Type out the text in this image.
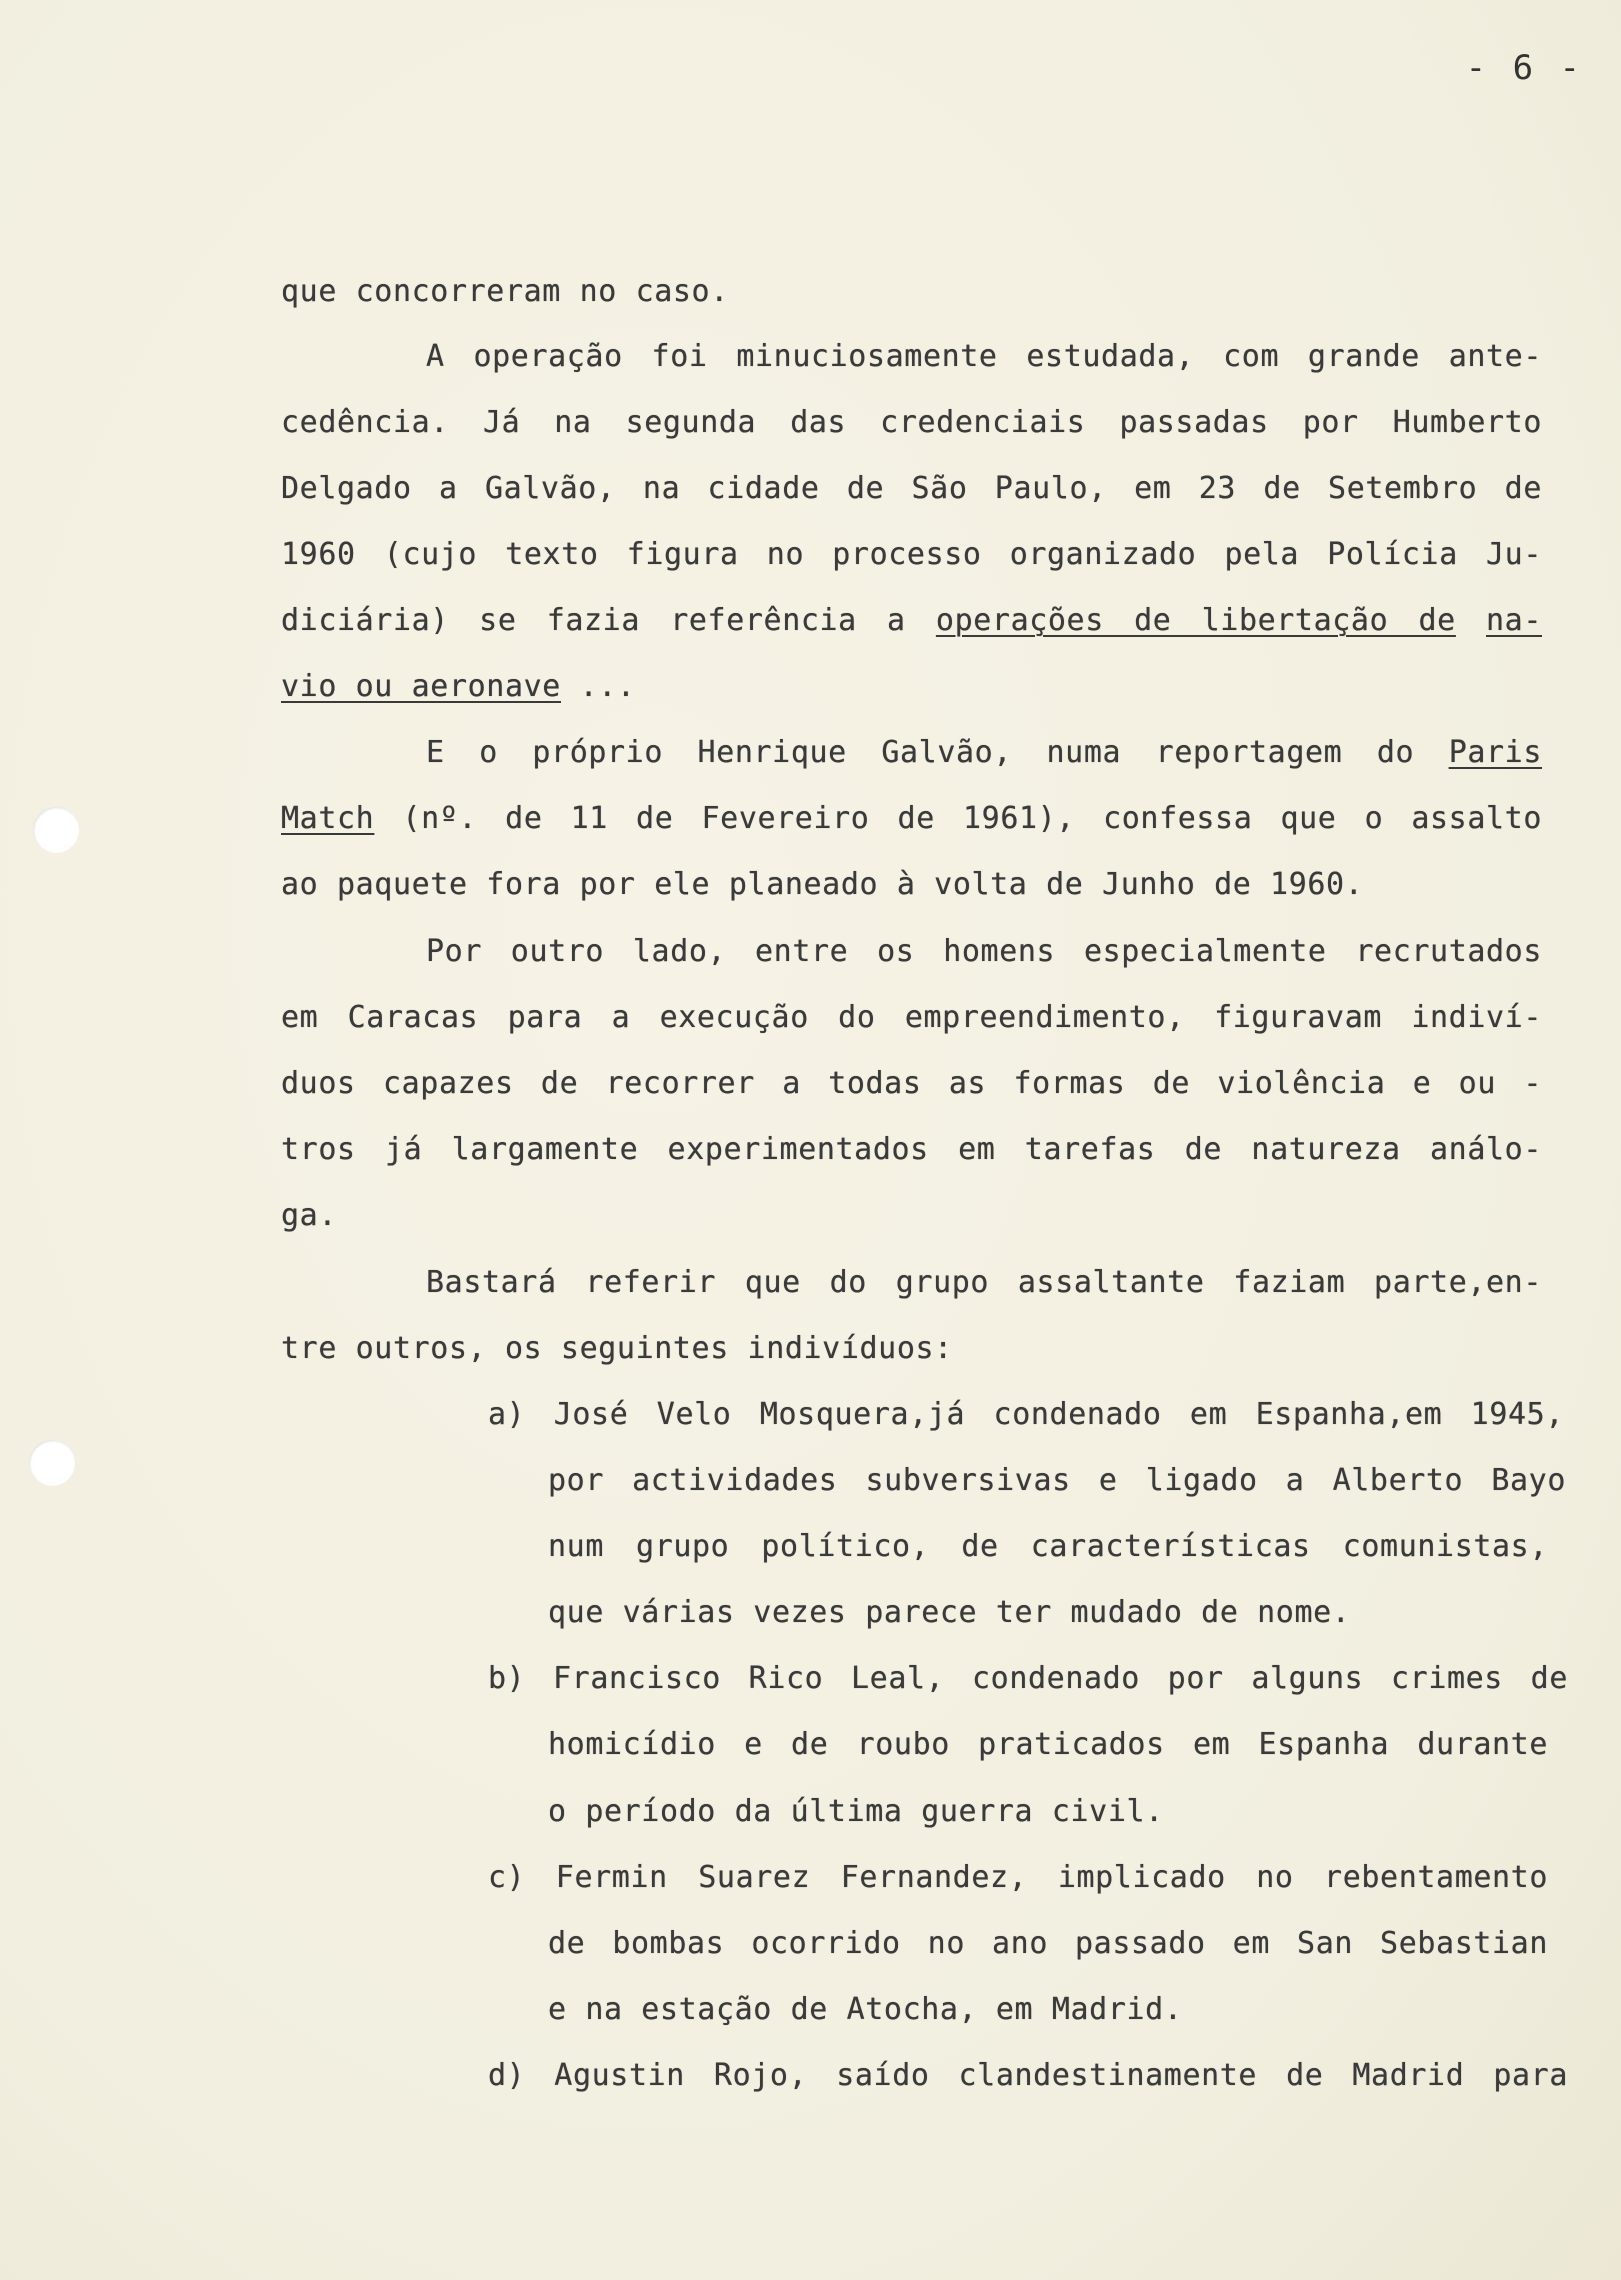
- 6 -
que concorreram no caso.
A operação foi minuciosamente estudada, com grande ante-
cedência. Já na segunda das credenciais passadas por Humberto
Delgado a Galvão, na cidade de São Paulo, em 23 de Setembro de
1960 (cujo texto figura no processo organizado pela Polícia Ju-
diciária) se fazia referência a operações de libertação de na-
vio ou aeronave ...
E o próprio Henrique Galvão, numa reportagem do Paris
Match (nº. de 11 de Fevereiro de 1961), confessa que o assalto
ao paquete fora por ele planeado à volta de Junho de 1960.
Por outro lado, entre os homens especialmente recrutados
em Caracas para a execução do empreendimento, figuravam indiví-
duos capazes de recorrer a todas as formas de violência e ou -
tros já largamente experimentados em tarefas de natureza análo-
ga.
Bastará referir que do grupo assaltante faziam parte,en-
tre outros, os seguintes indivíduos:
a) José Velo Mosquera,já condenado em Espanha,em 1945,
por actividades subversivas e ligado a Alberto Bayo
num grupo político, de características comunistas,
que várias vezes parece ter mudado de nome.
b) Francisco Rico Leal, condenado por alguns crimes de
homicídio e de roubo praticados em Espanha durante
o período da última guerra civil.
c) Fermin Suarez Fernandez, implicado no rebentamento
de bombas ocorrido no ano passado em San Sebastian
e na estação de Atocha, em Madrid.
d) Agustin Rojo, saído clandestinamente de Madrid para
